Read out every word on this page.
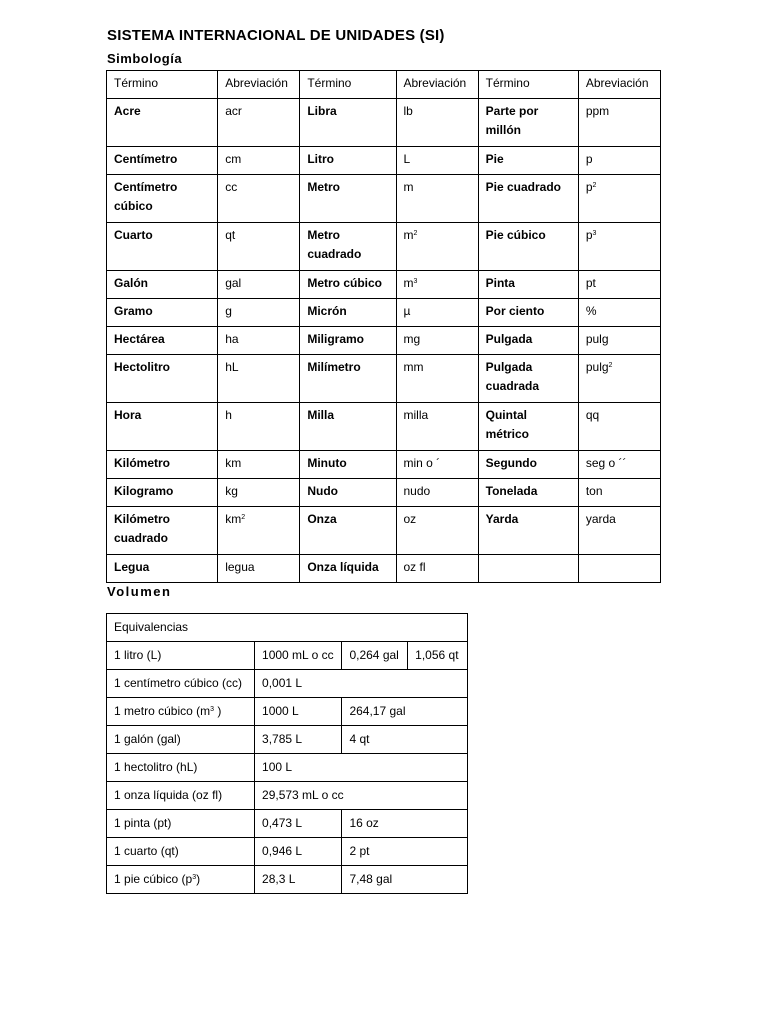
SISTEMA INTERNACIONAL DE UNIDADES (SI)
Simbología
Término	Abreviación	Término	Abreviación	Término	Abreviación
Acre	acr	Libra	lb	Parte por millón	ppm
Centímetro	cm	Litro	L	Pie	p
Centímetro cúbico	cc	Metro	m	Pie cuadrado	$p^2$
Cuarto	qt	Metro cuadrado	$m^2$	Pie cúbico	$p^3$
Galón	gal	Metro cúbico	$m^3$	Pinta	pt
Gramo	g	Micrón	µ	Por ciento	%
Hectárea	ha	Miligramo	mg	Pulgada	pulg
Hectolitro	hL	Milímetro	mm	Pulgada cuadrada	pulg$^2$
Hora	h	Milla	milla	Quintal métrico	qq
Kilómetro	km	Minuto	min o ´	Segundo	seg o ´´
Kilogramo	kg	Nudo	nudo	Tonelada	ton
Kilómetro cuadrado	$km^2$	Onza	oz	Yarda	yarda
Legua	legua	Onza líquida	oz fl		
Volumen
Equivalencias			
1 litro (L)	1000 mL o cc	0,264 gal	1,056 qt
1 centímetro cúbico (cc)	0,001 L		
1 metro cúbico ($m^3$ )	1000 L	264,17 gal	
1 galón (gal)	3,785 L	4 qt	
1 hectolitro (hL)	100 L		
1 onza líquida (oz fl)	29,573 mL o cc		
1 pinta (pt)	0,473 L	16 oz	
1 cuarto (qt)	0,946 L	2 pt	
1 pie cúbico $(p^3)$	28,3 L	7,48 gal	
